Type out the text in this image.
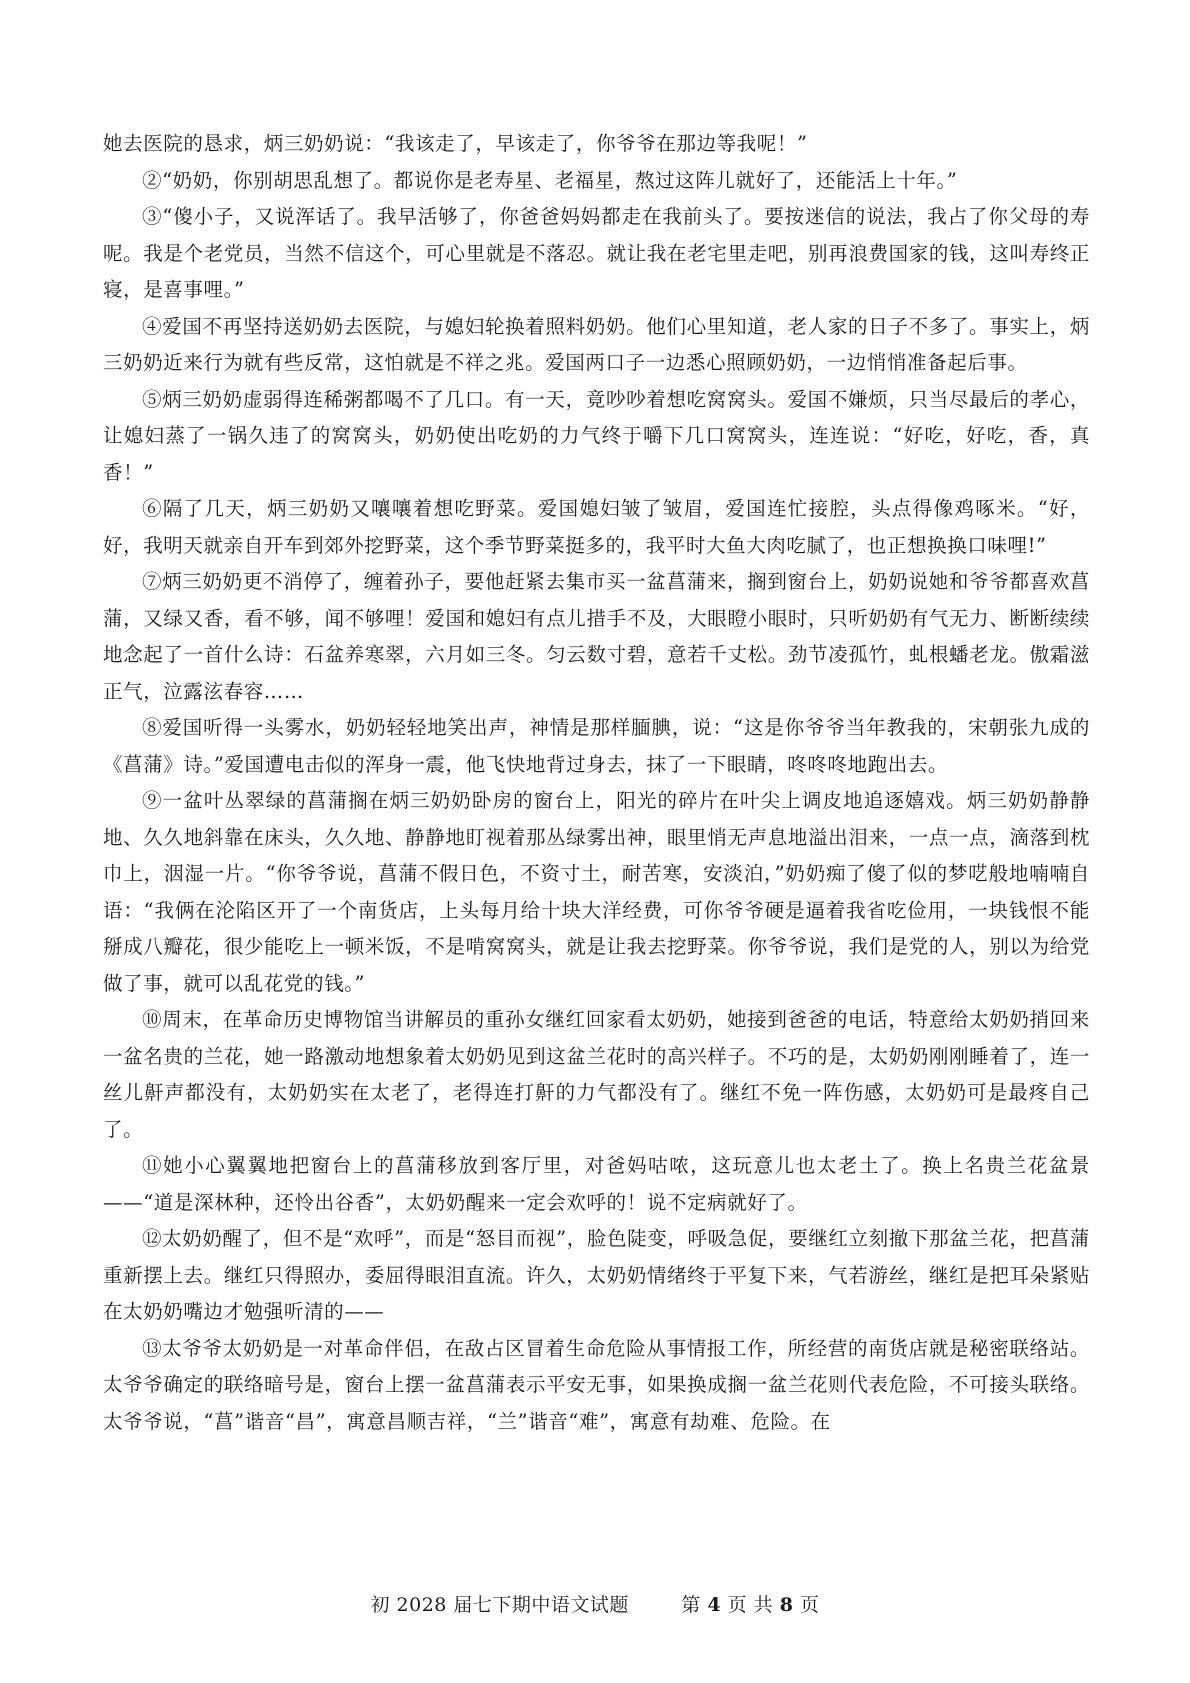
她去医院的恳求，炳三奶奶说：“我该走了，早该走了，你爷爷在那边等我呢！”

②“奶奶，你别胡思乱想了。都说你是老寿星、老福星，熬过这阵儿就好了，还能活上十年。”

③“傻小子，又说浑话了。我早活够了，你爸爸妈妈都走在我前头了。要按迷信的说法，我占了你父母的寿呢。我是个老党员，当然不信这个，可心里就是不落忍。就让我在老宅里走吧，别再浪费国家的钱，这叫寿终正寝，是喜事哩。”

④爱国不再坚持送奶奶去医院，与媳妇轮换着照料奶奶。他们心里知道，老人家的日子不多了。事实上，炳三奶奶近来行为就有些反常，这怕就是不祥之兆。爱国两口子一边悉心照顾奶奶，一边悄悄准备起后事。

⑤炳三奶奶虚弱得连稀粥都喝不了几口。有一天，竟吵吵着想吃窝窝头。爱国不嫌烦，只当尽最后的孝心，让媳妇蒸了一锅久违了的窝窝头，奶奶使出吃奶的力气终于嚼下几口窝窝头，连连说：“好吃，好吃，香，真香！”

⑥隔了几天，炳三奶奶又嚷嚷着想吃野菜。爱国媳妇皱了皱眉，爱国连忙接腔，头点得像鸡啄米。“好，好，我明天就亲自开车到郊外挖野菜，这个季节野菜挺多的，我平时大鱼大肉吃腻了，也正想换换口味哩!”

⑦炳三奶奶更不消停了，缠着孙子，要他赶紧去集市买一盆菖蒲来，搁到窗台上，奶奶说她和爷爷都喜欢菖蒲，又绿又香，看不够，闻不够哩！爱国和媳妇有点儿措手不及，大眼瞪小眼时，只听奶奶有气无力、断断续续地念起了一首什么诗：石盆养寒翠，六月如三冬。匀云数寸碧，意若千丈松。劲节凌孤竹，虬根蟠老龙。傲霜滋正气，泣露泫春容……

⑧爱国听得一头雾水，奶奶轻轻地笑出声，神情是那样腼腆，说：“这是你爷爷当年教我的，宋朝张九成的《菖蒲》诗。”爱国遭电击似的浑身一震，他飞快地背过身去，抹了一下眼睛，咚咚咚地跑出去。

⑨一盆叶丛翠绿的菖蒲搁在炳三奶奶卧房的窗台上，阳光的碎片在叶尖上调皮地追逐嬉戏。炳三奶奶静静地、久久地斜靠在床头，久久地、静静地盯视着那丛绿雾出神，眼里悄无声息地溢出泪来，一点一点，滴落到枕巾上，洇湿一片。“你爷爷说，菖蒲不假日色，不资寸土，耐苦寒，安淡泊，”奶奶痴了傻了似的梦呓般地喃喃自语：“我俩在沦陷区开了一个南货店，上头每月给十块大洋经费，可你爷爷硬是逼着我省吃俭用，一块钱恨不能掰成八瓣花，很少能吃上一顿米饭，不是啃窝窝头，就是让我去挖野菜。你爷爷说，我们是党的人，别以为给党做了事，就可以乱花党的钱。”

⑩周末，在革命历史博物馆当讲解员的重孙女继红回家看太奶奶，她接到爸爸的电话，特意给太奶奶捎回来一盆名贵的兰花，她一路激动地想象着太奶奶见到这盆兰花时的高兴样子。不巧的是，太奶奶刚刚睡着了，连一丝儿鼾声都没有，太奶奶实在太老了，老得连打鼾的力气都没有了。继红不免一阵伤感，太奶奶可是最疼自己了。

⑪她小心翼翼地把窗台上的菖蒲移放到客厅里，对爸妈咕哝，这玩意儿也太老土了。换上名贵兰花盆景——“道是深林种，还怜出谷香”，太奶奶醒来一定会欢呼的！说不定病就好了。

⑫太奶奶醒了，但不是“欢呼”，而是“怒目而视”，脸色陡变，呼吸急促，要继红立刻撤下那盆兰花，把菖蒲重新摆上去。继红只得照办，委屈得眼泪直流。许久，太奶奶情绪终于平复下来，气若游丝，继红是把耳朵紧贴在太奶奶嘴边才勉强听清的——

⑬太爷爷太奶奶是一对革命伴侣，在敌占区冒着生命危险从事情报工作，所经营的南货店就是秘密联络站。太爷爷确定的联络暗号是，窗台上摆一盆菖蒲表示平安无事，如果换成搁一盆兰花则代表危险，不可接头联络。太爷爷说，“菖”谐音“昌”，寓意昌顺吉祥，“兰”谐音“难”，寓意有劫难、危险。在

初 2028 届七下期中语文试题	第 4 页 共 8 页
